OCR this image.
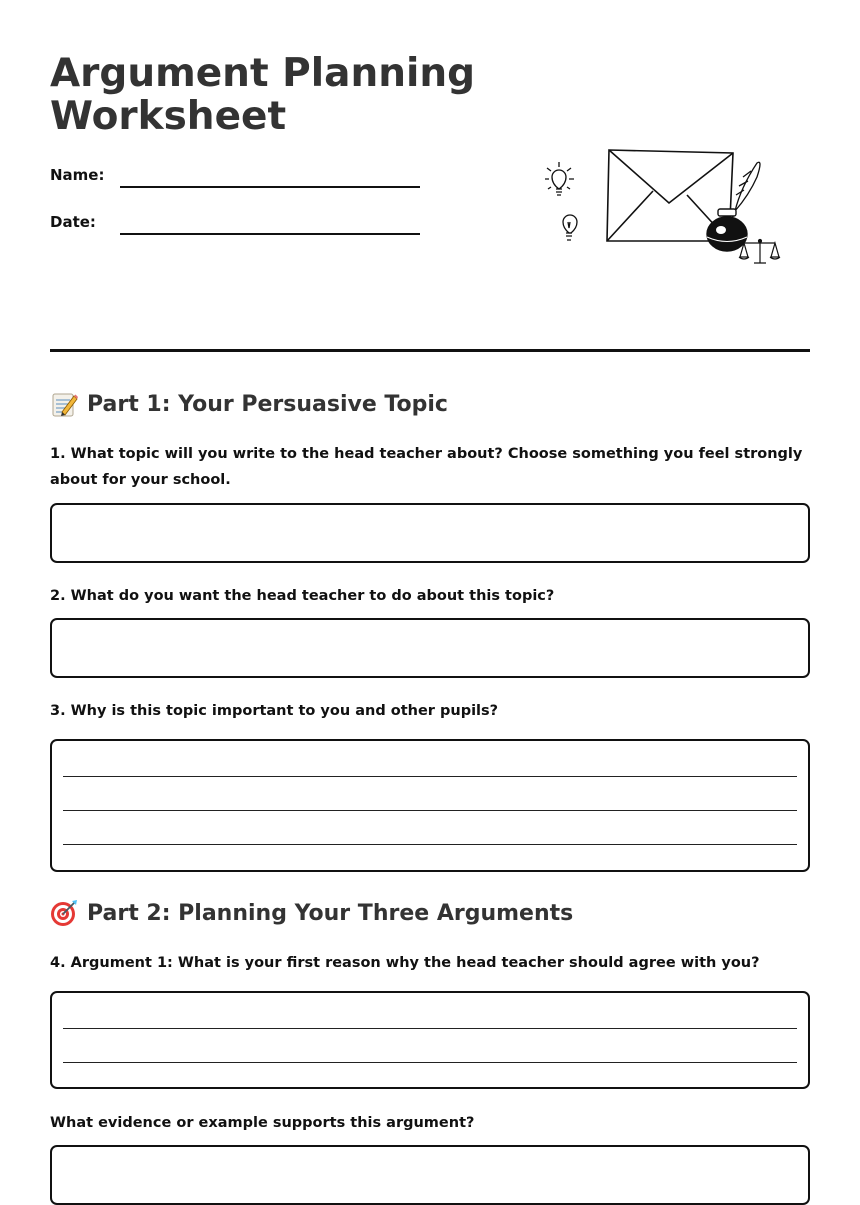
Argument Planning
Worksheet
Name:
Date:
Part 1: Your Persuasive Topic

1. What topic will you write to the head teacher about? Choose something you feel strongly about for your school.

2. What do you want the head teacher to do about this topic?

3. Why is this topic important to you and other pupils?

Part 2: Planning Your Three Arguments

4. Argument 1: What is your first reason why the head teacher should agree with you?

What evidence or example supports this argument?
